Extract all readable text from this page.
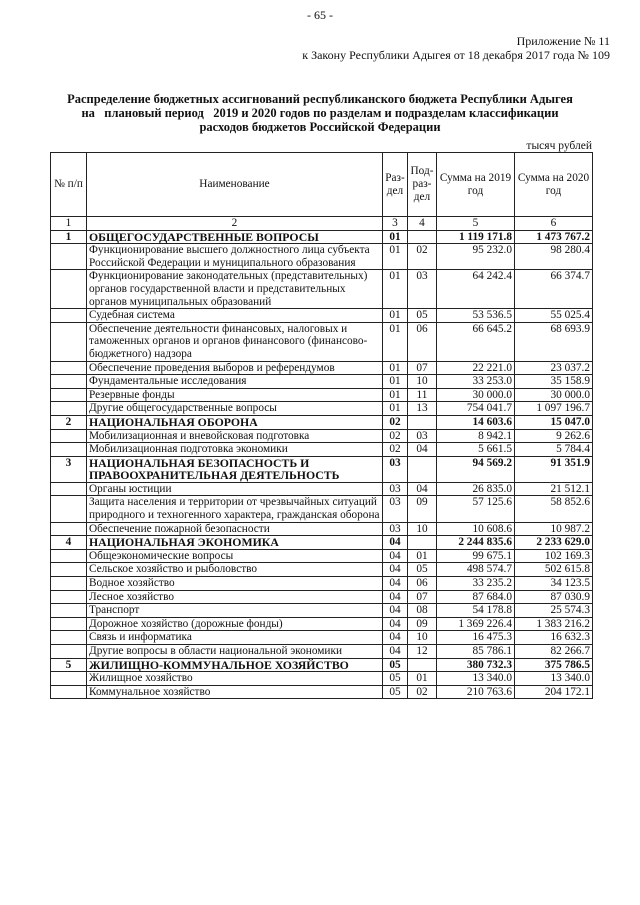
- 65 -
Приложение № 11
к Закону Республики Адыгея от 18 декабря 2017 года № 109
Распределение бюджетных ассигнований республиканского бюджета Республики Адыгея
на   плановый период   2019 и 2020 годов по разделам и подразделам классификации
расходов бюджетов Российской Федерации
тысяч рублей
№ п/п	Наименование	Раз-дел	Под-раз-дел	Сумма на 2019 год	Сумма на 2020 год
1	2	3	4	5	6
1	ОБЩЕГОСУДАРСТВЕННЫЕ ВОПРОСЫ	01		1 119 171.8	1 473 767.2
	Функционирование высшего должностного лица субъекта Российской Федерации и муниципального образования	01	02	95 232.0	98 280.4
	Функционирование законодательных (представительных) органов государственной власти и представительных органов муниципальных образований	01	03	64 242.4	66 374.7
	Судебная система	01	05	53 536.5	55 025.4
	Обеспечение деятельности финансовых, налоговых и таможенных органов и органов финансового (финансово-бюджетного) надзора	01	06	66 645.2	68 693.9
	Обеспечение проведения выборов и референдумов	01	07	22 221.0	23 037.2
	Фундаментальные исследования	01	10	33 253.0	35 158.9
	Резервные фонды	01	11	30 000.0	30 000.0
	Другие общегосударственные вопросы	01	13	754 041.7	1 097 196.7
2	НАЦИОНАЛЬНАЯ ОБОРОНА	02		14 603.6	15 047.0
	Мобилизационная и вневойсковая подготовка	02	03	8 942.1	9 262.6
	Мобилизационная подготовка экономики	02	04	5 661.5	5 784.4
3	НАЦИОНАЛЬНАЯ БЕЗОПАСНОСТЬ И ПРАВООХРАНИТЕЛЬНАЯ ДЕЯТЕЛЬНОСТЬ	03		94 569.2	91 351.9
	Органы юстиции	03	04	26 835.0	21 512.1
	Защита населения и территории от чрезвычайных ситуаций природного и техногенного характера, гражданская оборона	03	09	57 125.6	58 852.6
	Обеспечение пожарной безопасности	03	10	10 608.6	10 987.2
4	НАЦИОНАЛЬНАЯ ЭКОНОМИКА	04		2 244 835.6	2 233 629.0
	Общеэкономические вопросы	04	01	99 675.1	102 169.3
	Сельское хозяйство и рыболовство	04	05	498 574.7	502 615.8
	Водное хозяйство	04	06	33 235.2	34 123.5
	Лесное хозяйство	04	07	87 684.0	87 030.9
	Транспорт	04	08	54 178.8	25 574.3
	Дорожное хозяйство (дорожные фонды)	04	09	1 369 226.4	1 383 216.2
	Связь и информатика	04	10	16 475.3	16 632.3
	Другие вопросы в области национальной экономики	04	12	85 786.1	82 266.7
5	ЖИЛИЩНО-КОММУНАЛЬНОЕ ХОЗЯЙСТВО	05		380 732.3	375 786.5
	Жилищное хозяйство	05	01	13 340.0	13 340.0
	Коммунальное хозяйство	05	02	210 763.6	204 172.1
